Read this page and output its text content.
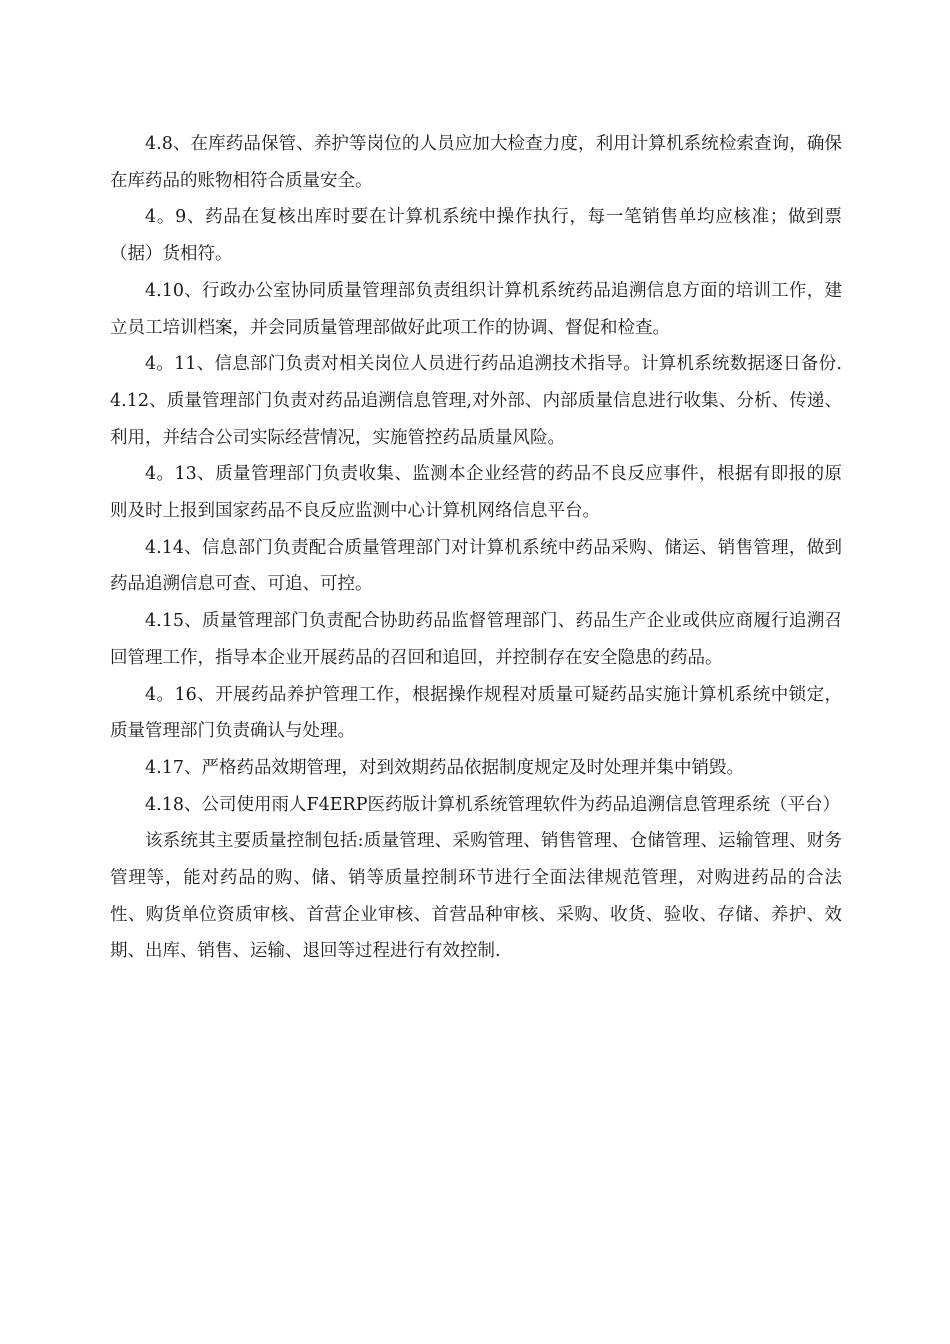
4.8、在库药品保管、养护等岗位的人员应加大检查力度，利用计算机系统检索查询，确保在库药品的账物相符合质量安全。

4。9、药品在复核出库时要在计算机系统中操作执行，每一笔销售单均应核准；做到票（据）货相符。

4.10、行政办公室协同质量管理部负责组织计算机系统药品追溯信息方面的培训工作，建立员工培训档案，并会同质量管理部做好此项工作的协调、督促和检查。

4。11、信息部门负责对相关岗位人员进行药品追溯技术指导。计算机系统数据逐日备份.4.12、质量管理部门负责对药品追溯信息管理,对外部、内部质量信息进行收集、分析、传递、利用，并结合公司实际经营情况，实施管控药品质量风险。

4。13、质量管理部门负责收集、监测本企业经营的药品不良反应事件，根据有即报的原则及时上报到国家药品不良反应监测中心计算机网络信息平台。

4.14、信息部门负责配合质量管理部门对计算机系统中药品采购、储运、销售管理，做到药品追溯信息可查、可追、可控。

4.15、质量管理部门负责配合协助药品监督管理部门、药品生产企业或供应商履行追溯召回管理工作，指导本企业开展药品的召回和追回，并控制存在安全隐患的药品。

4。16、开展药品养护管理工作，根据操作规程对质量可疑药品实施计算机系统中锁定，质量管理部门负责确认与处理。

4.17、严格药品效期管理，对到效期药品依据制度规定及时处理并集中销毁。

4.18、公司使用雨人F4ERP医药版计算机系统管理软件为药品追溯信息管理系统（平台）

该系统其主要质量控制包括:质量管理、采购管理、销售管理、仓储管理、运输管理、财务管理等，能对药品的购、储、销等质量控制环节进行全面法律规范管理，对购进药品的合法性、购货单位资质审核、首营企业审核、首营品种审核、采购、收货、验收、存储、养护、效期、出库、销售、运输、退回等过程进行有效控制.
